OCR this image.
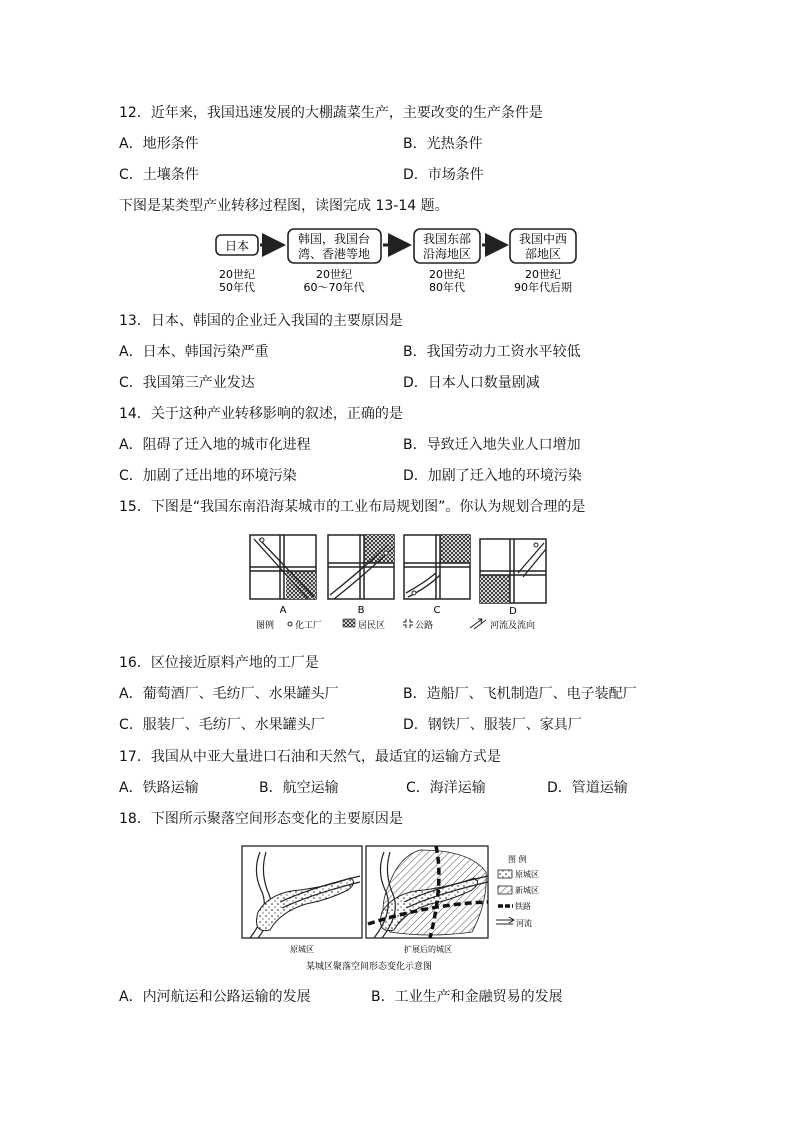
12．近年来，我国迅速发展的大棚蔬菜生产，主要改变的生产条件是
A．地形条件	B．光热条件
C．土壤条件	D．市场条件
下图是某类型产业转移过程图，读图完成 13-14 题。
日本	韩国，我国台
湾、香港等地
我国东部
沿海地区
我国中西
部地区
20世纪
50年代
20世纪
60～70年代
20世纪
80年代
20世纪
90年代后期
13．日本、韩国的企业迁入我国的主要原因是
A．日本、韩国污染严重	B．我国劳动力工资水平较低
C．我国第三产业发达	D．日本人口数量剧减
14．关于这种产业转移影响的叙述，正确的是
A．阻碍了迁入地的城市化进程	B．导致迁入地失业人口增加
C．加剧了迁出地的环境污染	D．加剧了迁入地的环境污染
15．下图是“我国东南沿海某城市的工业布局规划图”。你认为规划合理的是
A	B	C	D
图例 化工厂	居民区	公路	河流及流向
16．区位接近原料产地的工厂是
A．葡萄酒厂、毛纺厂、水果罐头厂	B．造船厂、飞机制造厂、电子装配厂
C．服装厂、毛纺厂、水果罐头厂	D．钢铁厂、服装厂、家具厂
17．我国从中亚大量进口石油和天然气，最适宜的运输方式是
A．铁路运输	B．航空运输	C．海洋运输	D．管道运输
18．下图所示聚落空间形态变化的主要原因是
原城区	扩展后的城区
图 例
原城区
新城区
铁路
河流
某城区聚落空间形态变化示意图
A．内河航运和公路运输的发展	B．工业生产和金融贸易的发展
